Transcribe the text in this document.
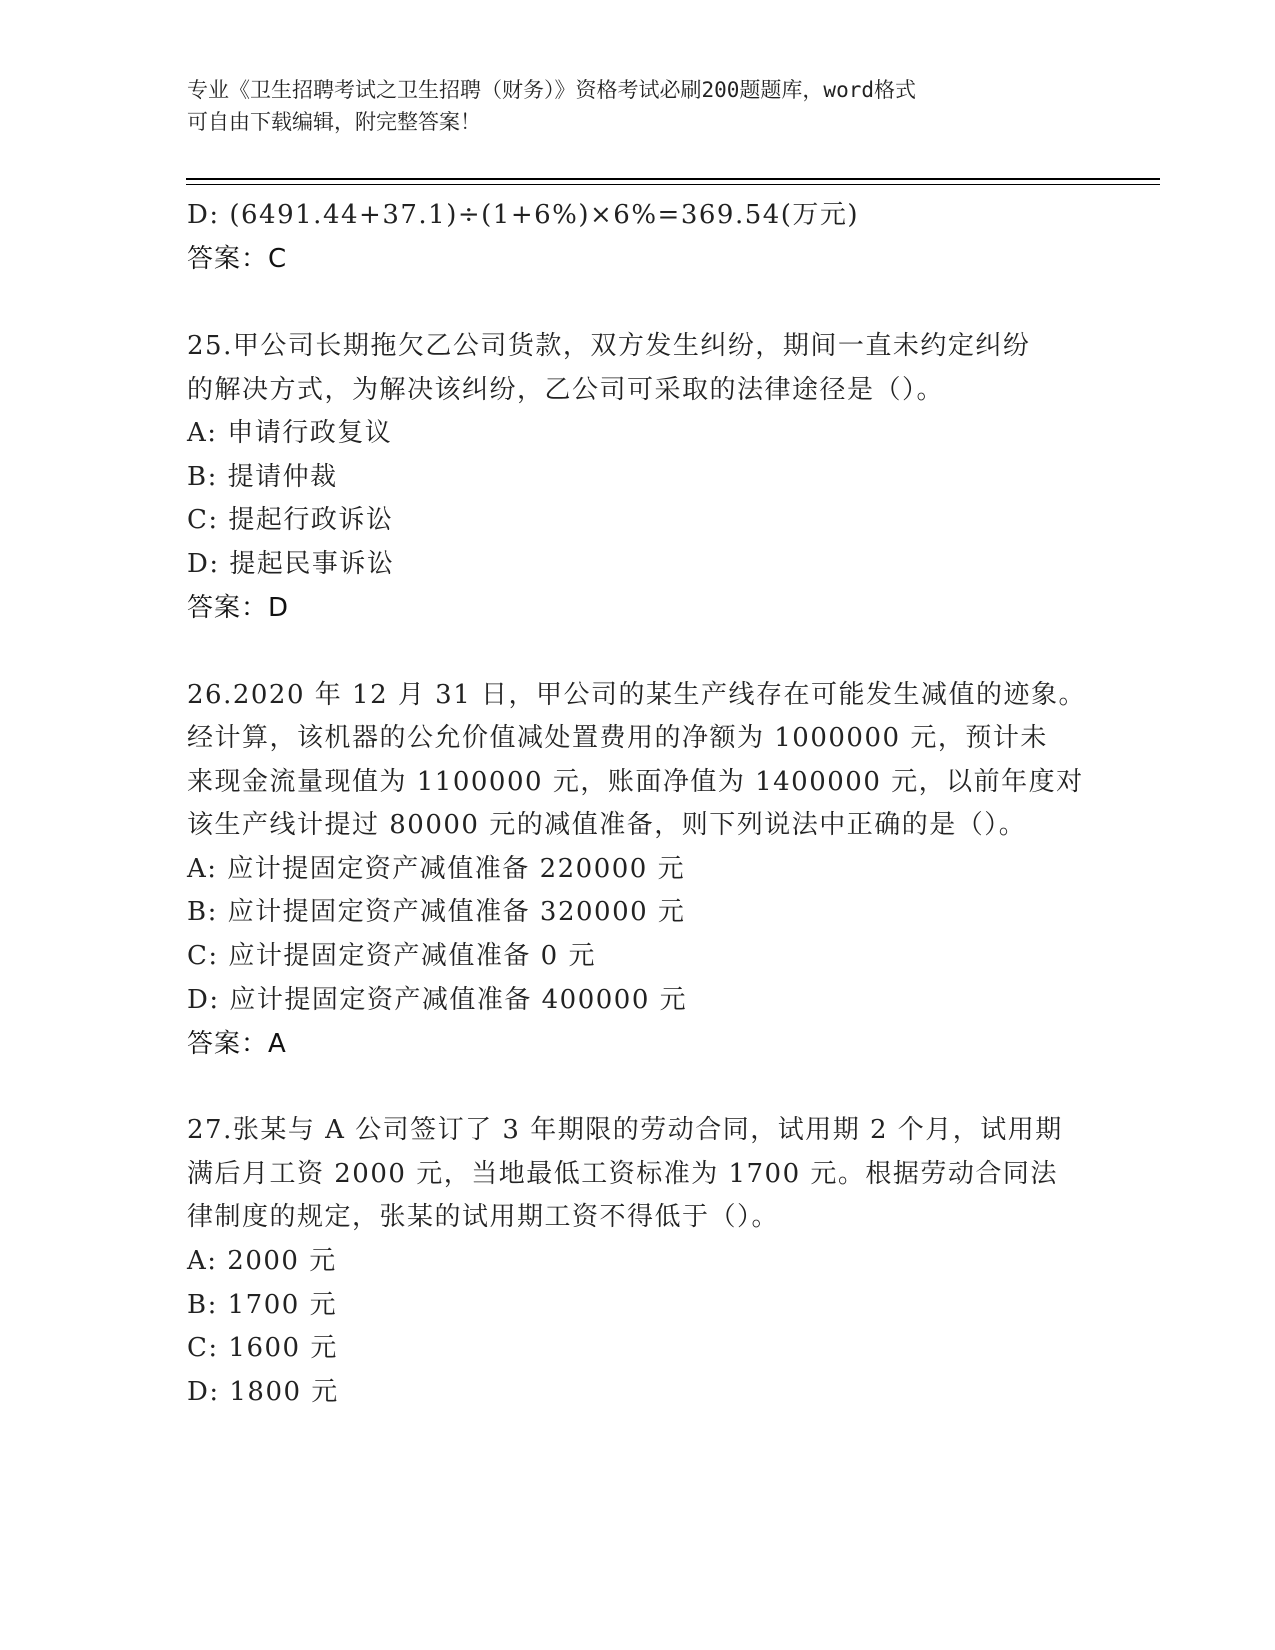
专业《卫生招聘考试之卫生招聘（财务）》资格考试必刷200题题库，word格式
可自由下载编辑，附完整答案！
D: (6491.44+37.1)÷(1+6%)×6%=369.54(万元)
答案：C
25.甲公司长期拖欠乙公司货款，双方发生纠纷，期间一直未约定纠纷
的解决方式，为解决该纠纷，乙公司可采取的法律途径是（）。
A: 申请行政复议
B: 提请仲裁
C: 提起行政诉讼
D: 提起民事诉讼
答案：D
26.2020 年 12 月 31 日，甲公司的某生产线存在可能发生减值的迹象。
经计算，该机器的公允价值减处置费用的净额为 1000000 元，预计未
来现金流量现值为 1100000 元，账面净值为 1400000 元，以前年度对
该生产线计提过 80000 元的减值准备，则下列说法中正确的是（）。
A: 应计提固定资产减值准备 220000 元
B: 应计提固定资产减值准备 320000 元
C: 应计提固定资产减值准备 0 元
D: 应计提固定资产减值准备 400000 元
答案：A
27.张某与 A 公司签订了 3 年期限的劳动合同，试用期 2 个月，试用期
满后月工资 2000 元，当地最低工资标准为 1700 元。根据劳动合同法
律制度的规定，张某的试用期工资不得低于（）。
A: 2000 元
B: 1700 元
C: 1600 元
D: 1800 元
